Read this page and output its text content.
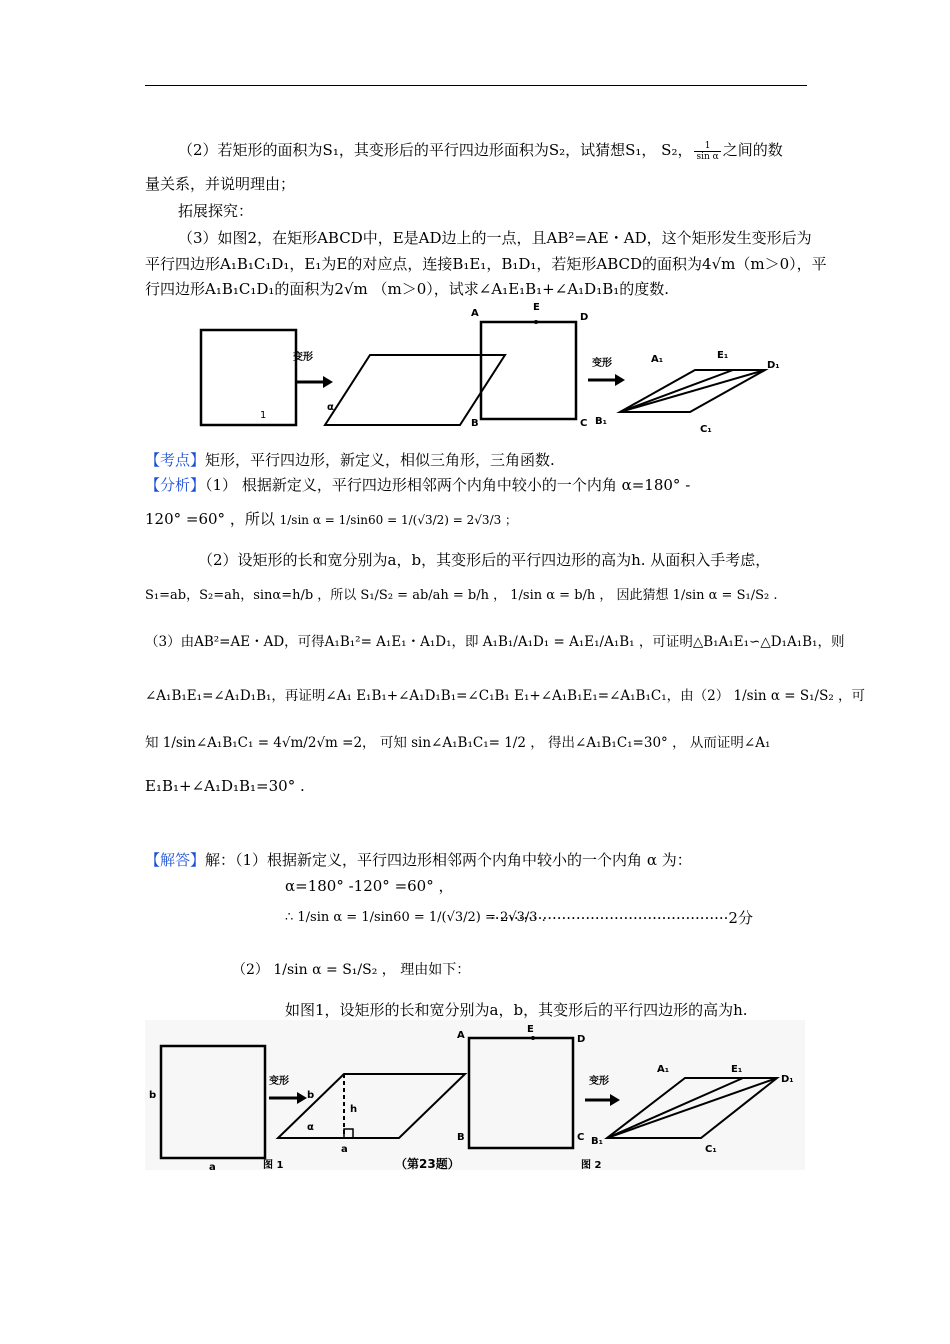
（2）若矩形的面积为S₁，其变形后的平行四边形面积为S₂，试猜想S₁， S₂， $\frac{1}{\text{sin α}}$ 之间的数
量关系，并说明理由；
拓展探究：
（3）如图2，在矩形ABCD中，E是AD边上的一点，且AB²=AE・AD，这个矩形发生变形后为
平行四边形A₁B₁C₁D₁，E₁为E的对应点，连接B₁E₁，B₁D₁，若矩形ABCD的面积为4√m（m＞0），平
行四边形A₁B₁C₁D₁的面积为2√m （m＞0），试求∠A₁E₁B₁+∠A₁D₁B₁的度数.
变形
α
1
A
E
D
B	C
变形	A₁	E₁
D₁
B₁
C₁
【考点】矩形，平行四边形，新定义，相似三角形，三角函数.
【分析】（1） 根据新定义，平行四边形相邻两个内角中较小的一个内角 α=180° -
120° =60° ，所以 1/sin α = 1/sin60 = 1/(√3/2) = 2√3/3 ；
（2）设矩形的长和宽分别为a，b，其变形后的平行四边形的高为h. 从面积入手考虑，
S₁=ab，S₂=ah，sinα=h/b ，所以 S₁/S₂ = ab/ah = b/h ， 1/sin α = b/h ， 因此猜想 1/sin α = S₁/S₂ .
（3）由AB²=AE・AD，可得A₁B₁²= A₁E₁・A₁D₁，即 A₁B₁/A₁D₁ = A₁E₁/A₁B₁ ，可证明△B₁A₁E₁∽△D₁A₁B₁，则
∠A₁B₁E₁=∠A₁D₁B₁，再证明∠A₁ E₁B₁+∠A₁D₁B₁=∠C₁B₁ E₁+∠A₁B₁E₁=∠A₁B₁C₁，由（2） 1/sin α = S₁/S₂ ，可
知 1/sin∠A₁B₁C₁ = 4√m/2√m =2， 可知 sin∠A₁B₁C₁= 1/2 ， 得出∠A₁B₁C₁=30° ， 从而证明∠A₁
E₁B₁+∠A₁D₁B₁=30° .
【解答】解：（1）根据新定义，平行四边形相邻两个内角中较小的一个内角 α 为：
α=180° -120° =60° ，
∴ 1/sin α = 1/sin60 = 1/(√3/2) = 2√3/3 .
··················································2分
（2） 1/sin α = S₁/S₂ ， 理由如下：
如图1，设矩形的长和宽分别为a，b，其变形后的平行四边形的高为h.
b
a
变形
b
h
α
a
图 1	（第23题）
A
E
D
B	C
变形
A₁	E₁
D₁
B₁
C₁
图 2
